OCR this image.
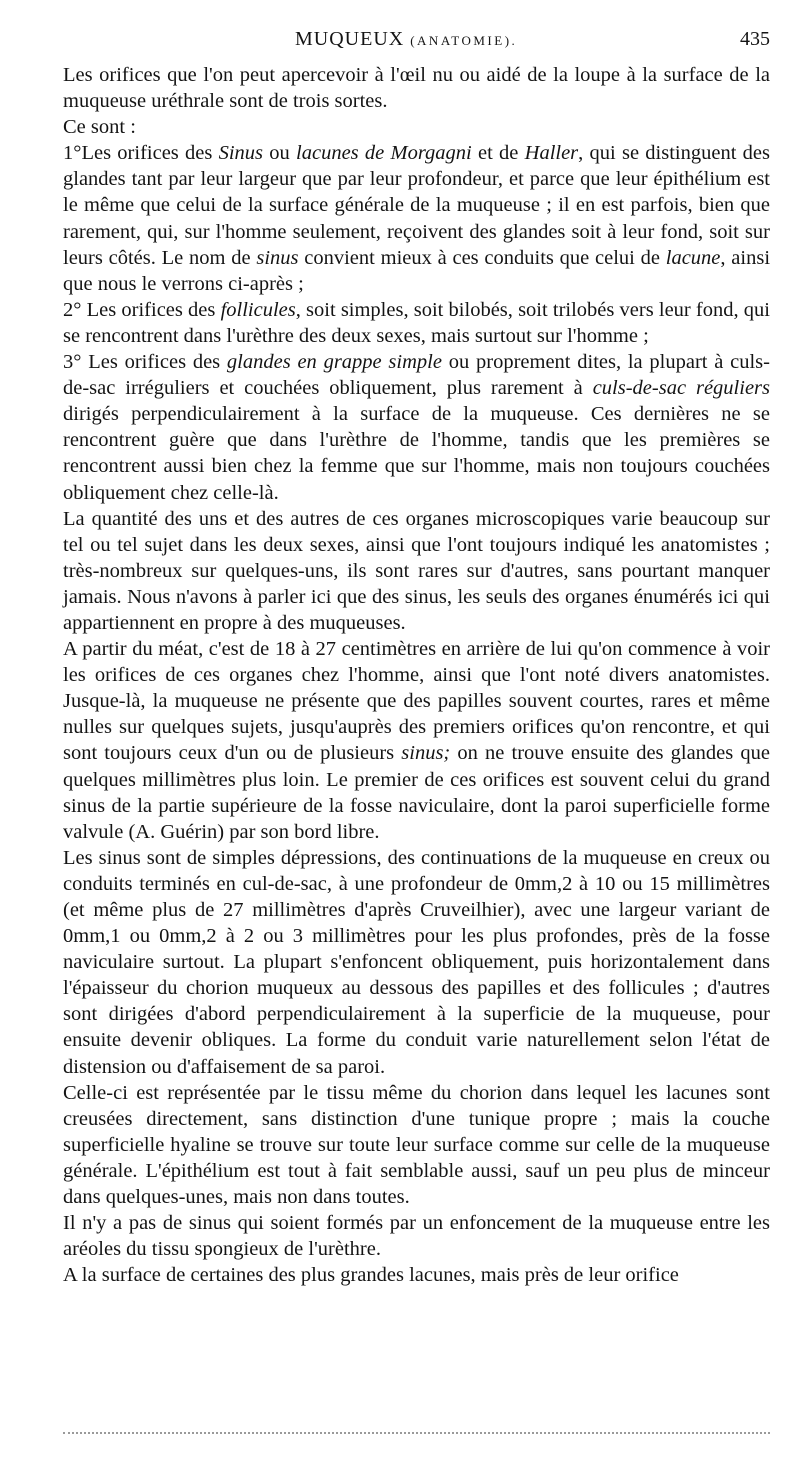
MUQUEUX (ANATOMIE).	435

Les orifices que l'on peut apercevoir à l'œil nu ou aidé de la loupe à la surface de la muqueuse uréthrale sont de trois sortes.

Ce sont :

1°Les orifices des Sinus ou lacunes de Morgagni et de Haller, qui se distinguent des glandes tant par leur largeur que par leur profondeur, et parce que leur épithélium est le même que celui de la surface générale de la muqueuse ; il en est parfois, bien que rarement, qui, sur l'homme seulement, reçoivent des glandes soit à leur fond, soit sur leurs côtés. Le nom de sinus convient mieux à ces conduits que celui de lacune, ainsi que nous le verrons ci-après ;

2° Les orifices des follicules, soit simples, soit bilobés, soit trilobés vers leur fond, qui se rencontrent dans l'urèthre des deux sexes, mais surtout sur l'homme ;

3° Les orifices des glandes en grappe simple ou proprement dites, la plupart à culs-de-sac irréguliers et couchées obliquement, plus rarement à culs-de-sac réguliers dirigés perpendiculairement à la surface de la muqueuse. Ces dernières ne se rencontrent guère que dans l'urèthre de l'homme, tandis que les premières se rencontrent aussi bien chez la femme que sur l'homme, mais non toujours couchées obliquement chez celle-là.

La quantité des uns et des autres de ces organes microscopiques varie beaucoup sur tel ou tel sujet dans les deux sexes, ainsi que l'ont toujours indiqué les anatomistes ; très-nombreux sur quelques-uns, ils sont rares sur d'autres, sans pourtant manquer jamais. Nous n'avons à parler ici que des sinus, les seuls des organes énumérés ici qui appartiennent en propre à des muqueuses.

A partir du méat, c'est de 18 à 27 centimètres en arrière de lui qu'on commence à voir les orifices de ces organes chez l'homme, ainsi que l'ont noté divers anatomistes. Jusque-là, la muqueuse ne présente que des papilles souvent courtes, rares et même nulles sur quelques sujets, jusqu'auprès des premiers orifices qu'on rencontre, et qui sont toujours ceux d'un ou de plusieurs sinus; on ne trouve ensuite des glandes que quelques millimètres plus loin. Le premier de ces orifices est souvent celui du grand sinus de la partie supérieure de la fosse naviculaire, dont la paroi superficielle forme valvule (A. Guérin) par son bord libre.

Les sinus sont de simples dépressions, des continuations de la muqueuse en creux ou conduits terminés en cul-de-sac, à une profondeur de 0mm,2 à 10 ou 15 millimètres (et même plus de 27 millimètres d'après Cruveilhier), avec une largeur variant de 0mm,1 ou 0mm,2 à 2 ou 3 millimètres pour les plus profondes, près de la fosse naviculaire surtout. La plupart s'enfoncent obliquement, puis horizontalement dans l'épaisseur du chorion muqueux au dessous des papilles et des follicules ; d'autres sont dirigées d'abord perpendiculairement à la superficie de la muqueuse, pour ensuite devenir obliques. La forme du conduit varie naturellement selon l'état de distension ou d'affaisement de sa paroi.

Celle-ci est représentée par le tissu même du chorion dans lequel les lacunes sont creusées directement, sans distinction d'une tunique propre ; mais la couche superficielle hyaline se trouve sur toute leur surface comme sur celle de la muqueuse générale. L'épithélium est tout à fait semblable aussi, sauf un peu plus de minceur dans quelques-unes, mais non dans toutes.

Il n'y a pas de sinus qui soient formés par un enfoncement de la muqueuse entre les aréoles du tissu spongieux de l'urèthre.

A la surface de certaines des plus grandes lacunes, mais près de leur orifice
